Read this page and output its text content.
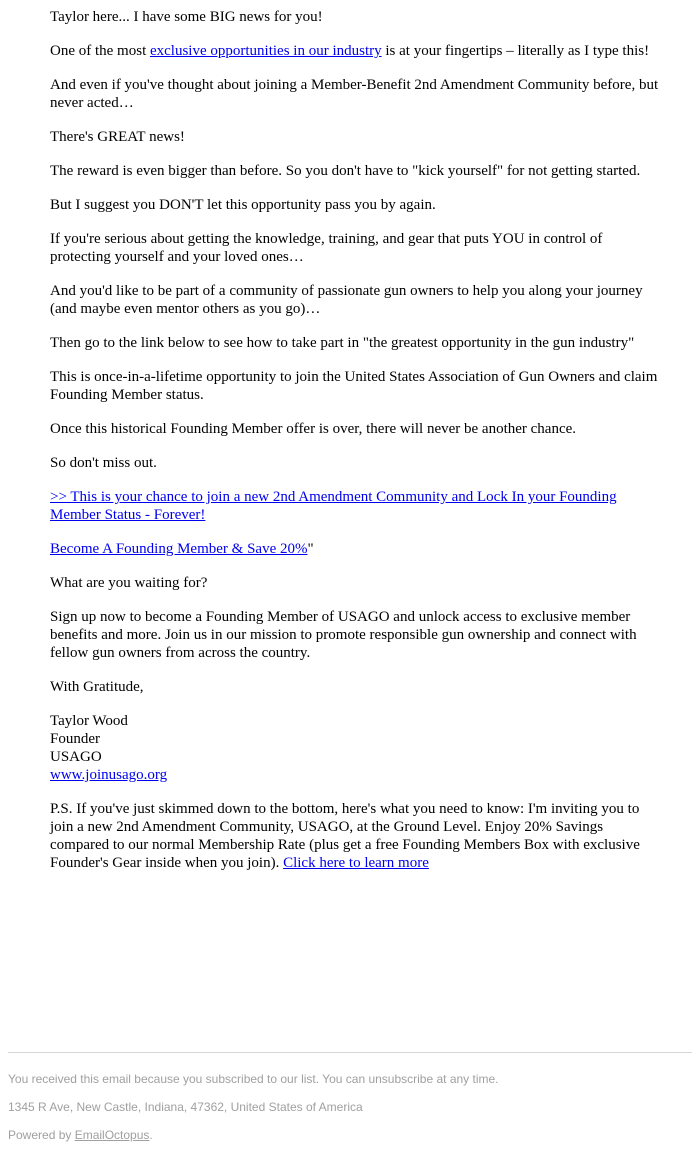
Taylor here... I have some BIG news for you!

One of the most exclusive opportunities in our industry is at your fingertips – literally as I type this!

And even if you've thought about joining a Member-Benefit 2nd Amendment Community before, but never acted…

There's GREAT news!

The reward is even bigger than before. So you don't have to "kick yourself" for not getting started.

But I suggest you DON'T let this opportunity pass you by again.

If you're serious about getting the knowledge, training, and gear that puts YOU in control of protecting yourself and your loved ones…

And you'd like to be part of a community of passionate gun owners to help you along your journey (and maybe even mentor others as you go)…

Then go to the link below to see how to take part in "the greatest opportunity in the gun industry"

This is once-in-a-lifetime opportunity to join the United States Association of Gun Owners and claim Founding Member status.

Once this historical Founding Member offer is over, there will never be another chance.

So don't miss out.

>> This is your chance to join a new 2nd Amendment Community and Lock In your Founding Member Status - Forever!

Become A Founding Member & Save 20%"

What are you waiting for?

Sign up now to become a Founding Member of USAGO and unlock access to exclusive member benefits and more. Join us in our mission to promote responsible gun ownership and connect with fellow gun owners from across the country.

With Gratitude,

Taylor Wood

Founder

USAGO

www.joinusago.org

P.S. If you've just skimmed down to the bottom, here's what you need to know: I'm inviting you to join a new 2nd Amendment Community, USAGO, at the Ground Level. Enjoy 20% Savings compared to our normal Membership Rate (plus get a free Founding Members Box with exclusive Founder's Gear inside when you join). Click here to learn more

You received this email because you subscribed to our list. You can unsubscribe at any time.

1345 R Ave, New Castle, Indiana, 47362, United States of America

Powered by EmailOctopus.
